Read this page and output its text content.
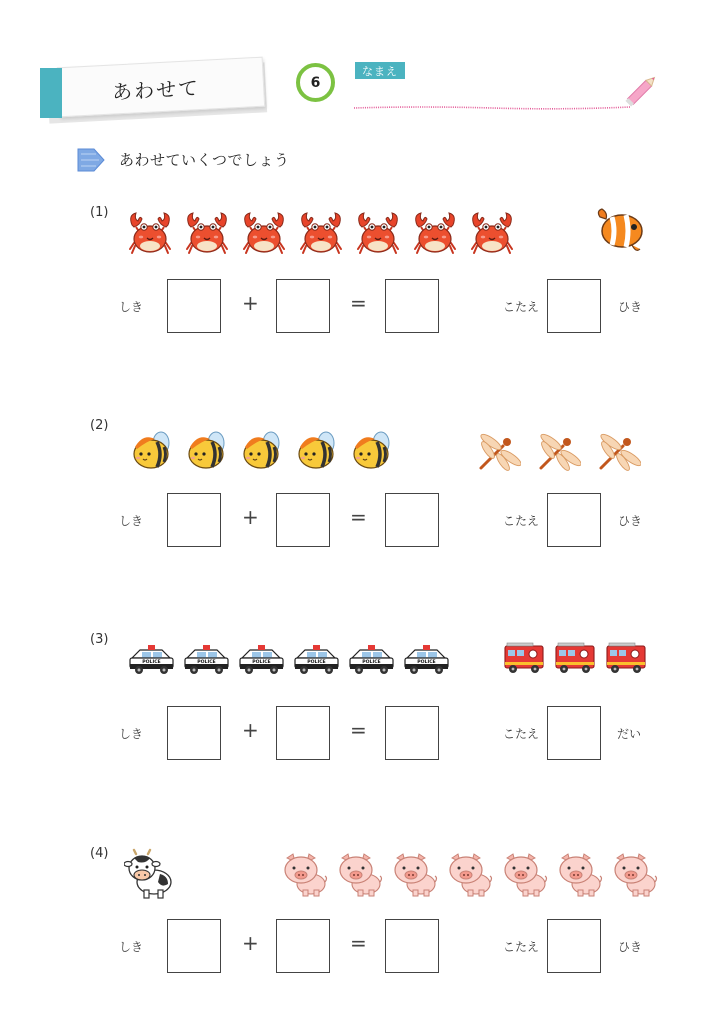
あわせて	6
なまえ
あわせていくつでしょう
(1)
しき	+	=	こたえ	ひき
(2)
しき	+	=	こたえ	ひき
(3)
POLICE	POLICE	POLICE	POLICE	POLICE	POLICE
しき	+	=	こたえ	だい
(4)
しき	+	=	こたえ	ひき
